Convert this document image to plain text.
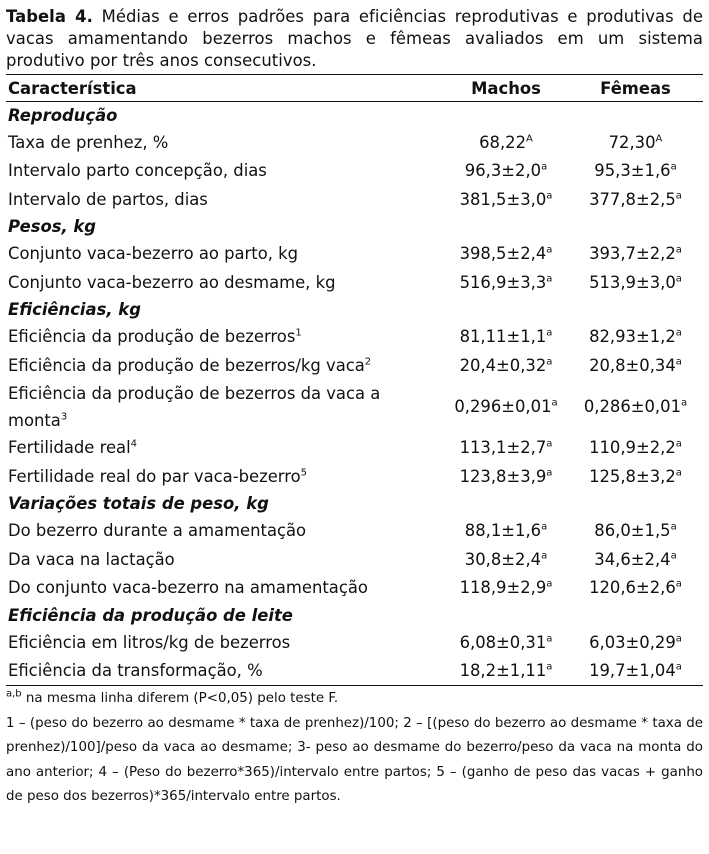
Tabela 4. Médias e erros padrões para eficiências reprodutivas e produtivas de vacas amamentando bezerros machos e fêmeas avaliados em um sistema produtivo por três anos consecutivos.

Característica	Machos	Fêmeas
Reprodução		
Taxa de prenhez, %	$68,22^A$	$72,30^A$
Intervalo parto concepção, dias	96,3±2,0$^a$	95,3±1,6$^a$
Intervalo de partos, dias	381,5±3,0$^a$	377,8±2,5$^a$
Pesos, kg		
Conjunto vaca-bezerro ao parto, kg	398,5±2,4$^a$	393,7±2,2$^a$
Conjunto vaca-bezerro ao desmame, kg	516,9±3,3$^a$	513,9±3,0$^a$
Eficiências, kg		
Eficiência da produção de bezerros$^1$	81,11±1,1$^a$	82,93±1,2$^a$
Eficiência da produção de bezerros/kg vaca$^2$	20,4±0,32$^a$	20,8±0,34$^a$
Eficiência da produção de bezerros da vaca a monta$^3$	0,296±0,01$^a$	0,286±0,01$^a$
Fertilidade real$^4$	113,1±2,7$^a$	110,9±2,2$^a$
Fertilidade real do par vaca-bezerro$^5$	123,8±3,9$^a$	125,8±3,2$^a$
Variações totais de peso, kg		
Do bezerro durante a amamentação	88,1±1,6$^a$	86,0±1,5$^a$
Da vaca na lactação	30,8±2,4$^a$	34,6±2,4$^a$
Do conjunto vaca-bezerro na amamentação	118,9±2,9$^a$	120,6±2,6$^a$
Eficiência da produção de leite		
Eficiência em litros/kg de bezerros	6,08±0,31$^a$	6,03±0,29$^a$
Eficiência da transformação, %	18,2±1,11$^a$	19,7±1,04$^a$

$^{a,b}$ na mesma linha diferem (P<0,05) pelo teste F.

1 – (peso do bezerro ao desmame * taxa de prenhez)/100; 2 – [(peso do bezerro ao desmame * taxa de prenhez)/100]/peso da vaca ao desmame; 3- peso ao desmame do bezerro/peso da vaca na monta do ano anterior; 4 – (Peso do bezerro*365)/intervalo entre partos; 5 – (ganho de peso das vacas + ganho de peso dos bezerros)*365/intervalo entre partos.
